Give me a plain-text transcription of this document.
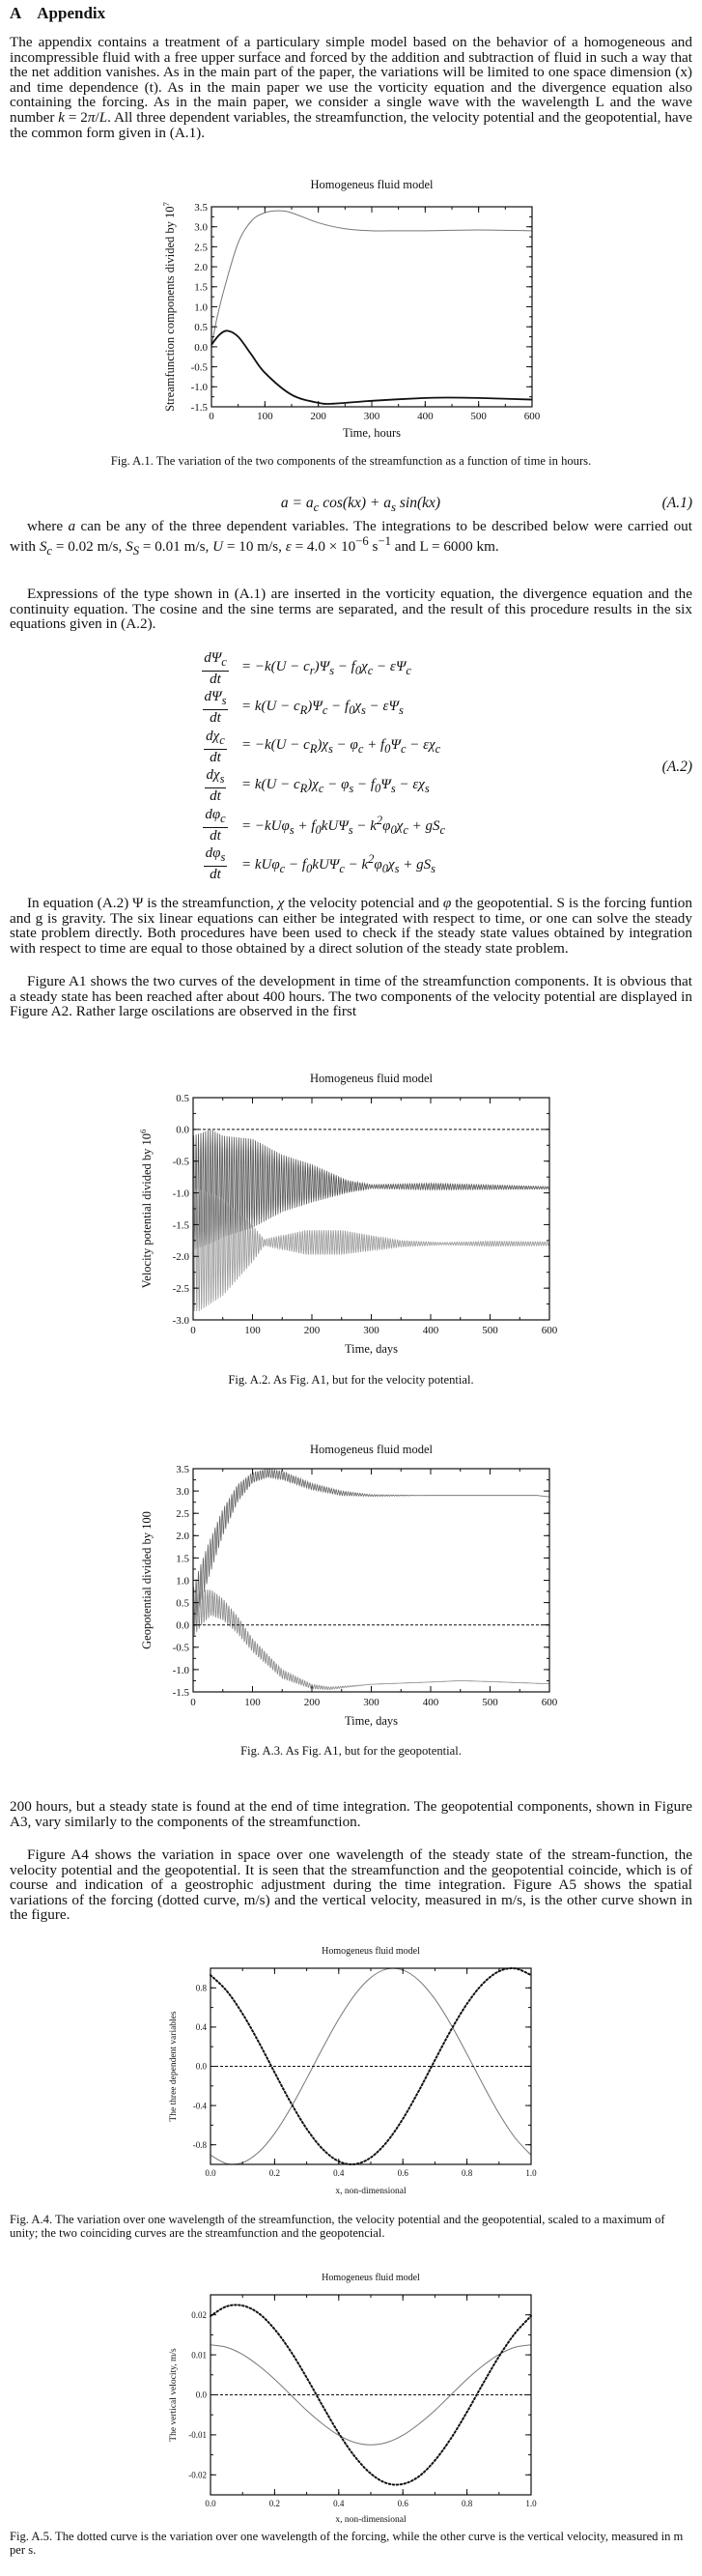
A Appendix
The appendix contains a treatment of a particulary simple model based on the behavior of a homogeneous and incompressible fluid with a free upper surface and forced by the addition and subtraction of fluid in such a way that the net addition vanishes. As in the main part of the paper, the variations will be limited to one space dimension (x) and time dependence (t). As in the main paper we use the vorticity equation and the divergence equation also containing the forcing. As in the main paper, we consider a single wave with the wavelength L and the wave number k = 2π/L. All three dependent variables, the streamfunction, the velocity potential and the geopotential, have the common form given in (A.1).
Homogeneus fluid model
0	100	200	300	400	500	600
-1.5
-1.0
-0.5
0.0
0.5
1.0
1.5
2.0
2.5
3.0
3.5
Time, hours
Streamfunction components divided by $10^7$
Fig. A.1. The variation of the two components of the streamfunction as a function of time in hours.
$a = a_c$ $\cos(kx) + a_s$ sin(kx)	(A.1)
where a can be any of the three dependent variables. The integrations to be described below were carried out with $S_c = 0.02$ m/s, $S_S = 0.01$ m/s, U = 10 m/s, $\varepsilon = 4.0 \times 10^{-6}$ $s^{-1}$ and L = 6000 km.
Expressions of the type shown in (A.1) are inserted in the vorticity equation, the divergence equation and the continuity equation. The cosine and the sine terms are separated, and the result of this procedure results in the six equations given in (A.2).
$\frac{d\Psi_c}{dt} = -k(U - c_r)\Psi_s - f_0\chi_c - \varepsilon\Psi_c$
$\frac{d\Psi_s}{dt} = k(U - c_R)\Psi_c - f_0\chi_s - \varepsilon\Psi_s$
$\frac{d\chi_c}{dt} = -k(U - c_R)\chi_s - \varphi_c + f_0\Psi_c - \varepsilon\chi_c$
$\frac{d\chi_s}{dt} = k(U - c_R)\chi_c - \varphi_s - f_0\Psi_s - \varepsilon\chi_s$
$\frac{d\varphi_c}{dt} = -kU\varphi_s + f_0kU\Psi_s - k^2\varphi_0\chi_c + gS_c$
$\frac{d\varphi_s}{dt} = kU\varphi_c - f_0kU\Psi_c - k^2\varphi_0\chi_s + gS_s$
(A.2)
In equation (A.2) Ψ is the streamfunction, χ the velocity potencial and φ the geopotential. S is the forcing funtion and g is gravity. The six linear equations can either be integrated with respect to time, or one can solve the steady state problem directly. Both procedures have been used to check if the steady state values obtained by integration with respect to time are equal to those obtained by a direct solution of the steady state problem.
Figure A1 shows the two curves of the development in time of the streamfunction components. It is obvious that a steady state has been reached after about 400 hours. The two components of the velocity potential are displayed in Figure A2. Rather large oscilations are observed in the first
Homogeneus fluid model
0	100	200	300	400	500	600
-3.0
-2.5
-2.0
-1.5
-1.0
-0.5
0.0
0.5
Time, days
Velocity potential divided by $10^6$
Fig. A.2. As Fig. A1, but for the velocity potential.
Homogeneus fluid model
0	100	200	300	400	500	600
-1.5
-1.0
-0.5
0.0
0.5
1.0
1.5
2.0
2.5
3.0
3.5
Time, days
Geopotential divided by 100
Fig. A.3. As Fig. A1, but for the geopotential.
200 hours, but a steady state is found at the end of time integration. The geopotential components, shown in Figure A3, vary similarly to the components of the streamfunction.
Figure A4 shows the variation in space over one wavelength of the steady state of the stream-function, the velocity potential and the geopotential. It is seen that the streamfunction and the geopotential coincide, which is of course and indication of a geostrophic adjustment during the time integration. Figure A5 shows the spatial variations of the forcing (dotted curve, m/s) and the vertical velocity, measured in m/s, is the other curve shown in the figure.
Homogeneus fluid model
0.0	0.2	0.4	0.6	0.8	1.0
-0.8
-0.4
0.0
0.4
0.8
x, non-dimensional
The three dependent variables
Fig. A.4. The variation over one wavelength of the streamfunction, the velocity potential and the geopotential, scaled to a maximum of unity; the two coinciding curves are the streamfunction and the geopotencial.
Homogeneus fluid model
0.0	0.2	0.4	0.6	0.8	1.0
-0.02
-0.01
0.0
0.01
0.02
x, non-dimensional
The vertical velocity, m/s
Fig. A.5. The dotted curve is the variation over one wavelength of the forcing, while the other curve is the vertical velocity, measured in m per s.
